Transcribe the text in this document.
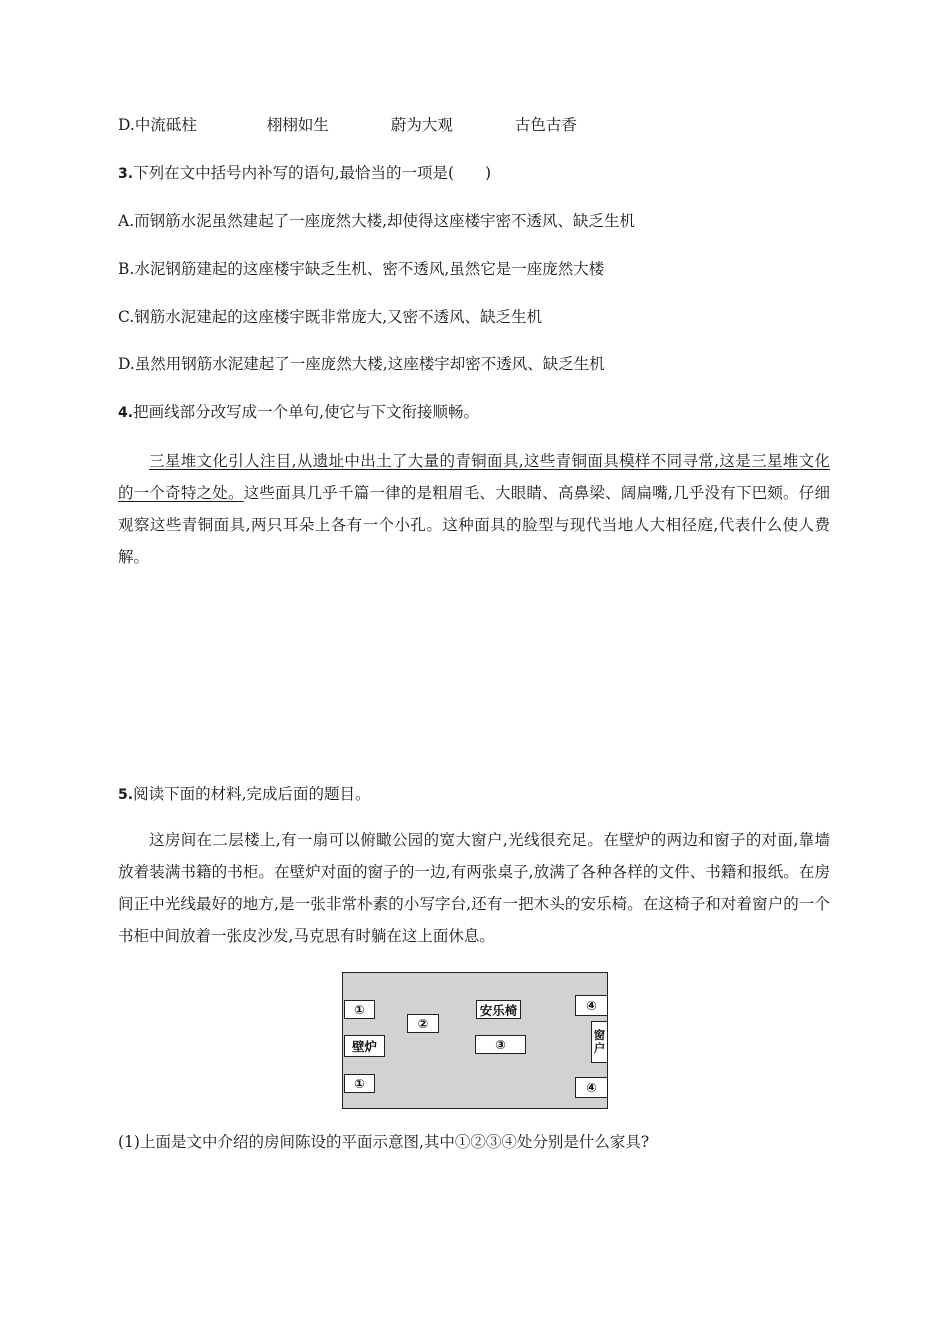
D.中流砥柱	栩栩如生	蔚为大观	古色古香
3.下列在文中括号内补写的语句,最恰当的一项是(　　)
A.而钢筋水泥虽然建起了一座庞然大楼,却使得这座楼宇密不透风、缺乏生机
B.水泥钢筋建起的这座楼宇缺乏生机、密不透风,虽然它是一座庞然大楼
C.钢筋水泥建起的这座楼宇既非常庞大,又密不透风、缺乏生机
D.虽然用钢筋水泥建起了一座庞然大楼,这座楼宇却密不透风、缺乏生机
4.把画线部分改写成一个单句,使它与下文衔接顺畅。
三星堆文化引人注目,从遗址中出土了大量的青铜面具,这些青铜面具模样不同寻常,这是三星堆文化的一个奇特之处。这些面具几乎千篇一律的是粗眉毛、大眼睛、高鼻梁、阔扁嘴,几乎没有下巴颏。仔细观察这些青铜面具,两只耳朵上各有一个小孔。这种面具的脸型与现代当地人大相径庭,代表什么使人费解。
5.阅读下面的材料,完成后面的题目。
这房间在二层楼上,有一扇可以俯瞰公园的宽大窗户,光线很充足。在壁炉的两边和窗子的对面,靠墙放着装满书籍的书柜。在壁炉对面的窗子的一边,有两张桌子,放满了各种各样的文件、书籍和报纸。在房间正中光线最好的地方,是一张非常朴素的小写字台,还有一把木头的安乐椅。在这椅子和对着窗户的一个书柜中间放着一张皮沙发,马克思有时躺在这上面休息。
①
②
安乐椅	④
壁炉	③
窗
户
①	④
(1)上面是文中介绍的房间陈设的平面示意图,其中①②③④处分别是什么家具?
